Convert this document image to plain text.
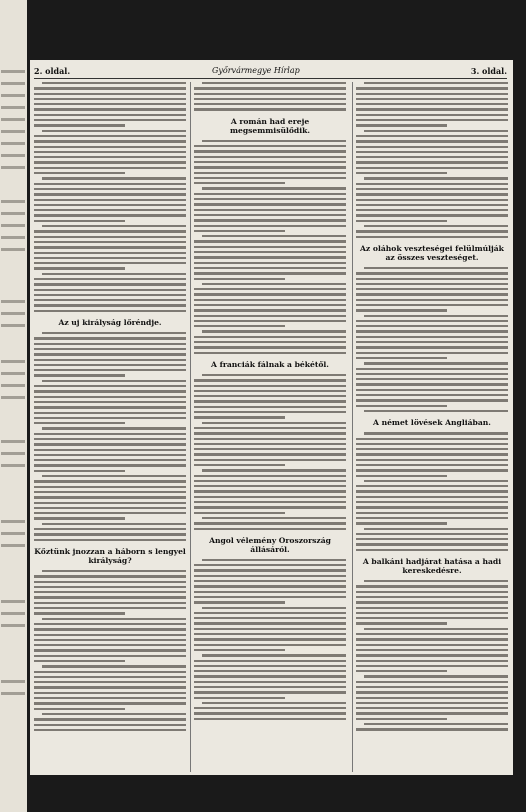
2. oldal.	Győrvármegye Hírlap	3. oldal.
Az uj királyság lőréndje.
Kőztünk jnozzan a háborn s lengyel királyság?
A román had ereje megsemmisülődik.
A franciák fálnak a békétől.
Angol vélemény Oroszország állásáról.
Az oláhok veszteségei felülmúlják az összes veszteséget.
A német lövések Angliában.
A balkáni hadjárat hatása a hadi kereskedésre.
